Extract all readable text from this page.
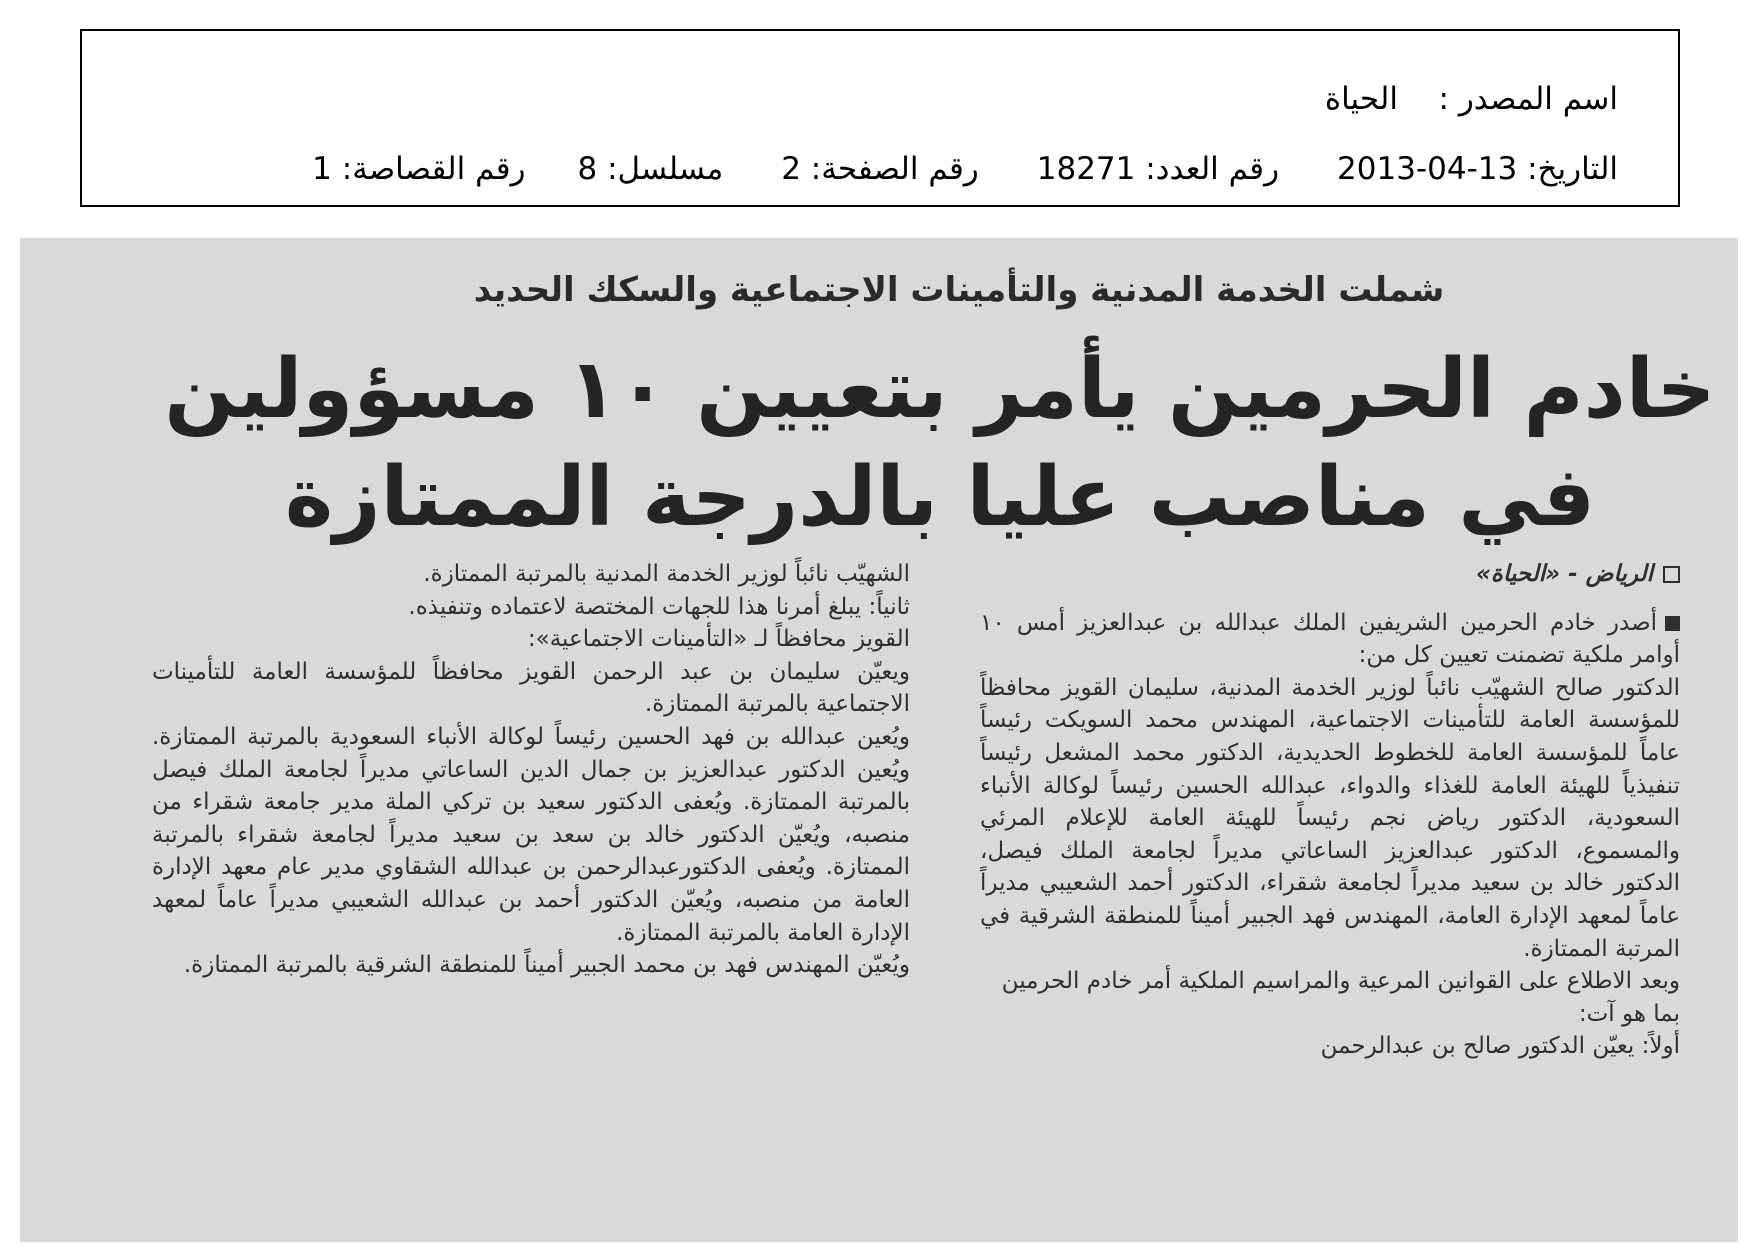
اسم المصدر :
الحياة
التاريخ: 13-04-2013
رقم العدد: 18271
رقم الصفحة: 2
مسلسل: 8
رقم القصاصة: 1
شملت الخدمة المدنية والتأمينات الاجتماعية والسكك الحديد
خادم الحرمين يأمر بتعيين ١٠ مسؤولين
في مناصب عليا بالدرجة الممتازة

الرياض - «الحياة»

أصدر خادم الحرمين الشريفين الملك عبدالله بن عبدالعزيز أمس ١٠ أوامر ملكية تضمنت تعيين كل من:

الدكتور صالح الشهيّب نائباً لوزير الخدمة المدنية، سليمان القويز محافظاً للمؤسسة العامة للتأمينات الاجتماعية، المهندس محمد السويكت رئيساً عاماً للمؤسسة العامة للخطوط الحديدية، الدكتور محمد المشعل رئيساً تنفيذياً للهيئة العامة للغذاء والدواء، عبدالله الحسين رئيساً لوكالة الأنباء السعودية، الدكتور رياض نجم رئيساً للهيئة العامة للإعلام المرئي والمسموع، الدكتور عبدالعزيز الساعاتي مديراً لجامعة الملك فيصل، الدكتور خالد بن سعيد مديراً لجامعة شقراء، الدكتور أحمد الشعيبي مديراً عاماً لمعهد الإدارة العامة، المهندس فهد الجبير أميناً للمنطقة الشرقية في المرتبة الممتازة.

وبعد الاطلاع على القوانين المرعية والمراسيم الملكية أمر خادم الحرمين

بما هو آت:

أولاً: يعيّن الدكتور صالح بن عبدالرحمن

الشهيّب نائباً لوزير الخدمة المدنية بالمرتبة الممتازة.

ثانياً: يبلغ أمرنا هذا للجهات المختصة لاعتماده وتنفيذه.

القويز محافظاً لـ «التأمينات الاجتماعية»:

ويعيّن سليمان بن عبد الرحمن القويز محافظاً للمؤسسة العامة للتأمينات الاجتماعية بالمرتبة الممتازة.

ويُعين عبدالله بن فهد الحسين رئيساً لوكالة الأنباء السعودية بالمرتبة الممتازة. ويُعين الدكتور عبدالعزيز بن جمال الدين الساعاتي مديراً لجامعة الملك فيصل بالمرتبة الممتازة. ويُعفى الدكتور سعيد بن تركي الملة مدير جامعة شقراء من منصبه، ويُعيّن الدكتور خالد بن سعد بن سعيد مديراً لجامعة شقراء بالمرتبة الممتازة. ويُعفى الدكتورعبدالرحمن بن عبدالله الشقاوي مدير عام معهد الإدارة العامة من منصبه، ويُعيّن الدكتور أحمد بن عبدالله الشعيبي مديراً عاماً لمعهد الإدارة العامة بالمرتبة الممتازة.

ويُعيّن المهندس فهد بن محمد الجبير أميناً للمنطقة الشرقية بالمرتبة الممتازة.
